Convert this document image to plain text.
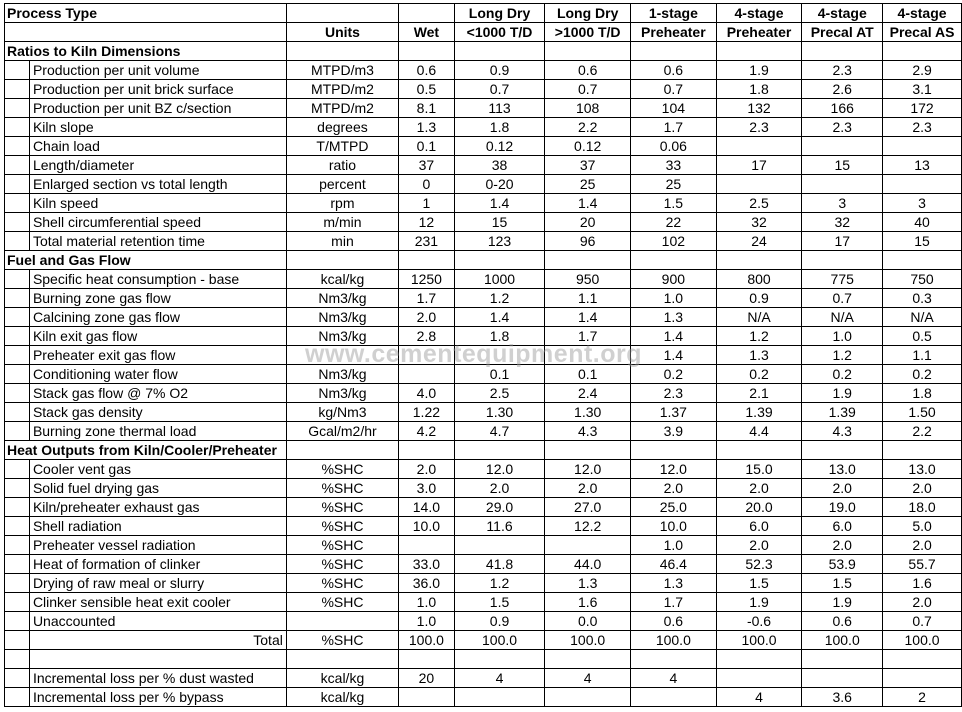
Process Type				Long Dry	Long Dry	1-stage	4-stage	4-stage	4-stage
		Units	Wet	<1000 T/D	>1000 T/D	Preheater	Preheater	Precal AT	Precal AS
Ratios to Kiln Dimensions									
	Production per unit volume	MTPD/m3	0.6	0.9	0.6	0.6	1.9	2.3	2.9
	Production per unit brick surface	MTPD/m2	0.5	0.7	0.7	0.7	1.8	2.6	3.1
	Production per unit BZ c/section	MTPD/m2	8.1	113	108	104	132	166	172
	Kiln slope	degrees	1.3	1.8	2.2	1.7	2.3	2.3	2.3
	Chain load	T/MTPD	0.1	0.12	0.12	0.06			
	Length/diameter	ratio	37	38	37	33	17	15	13
	Enlarged section vs total length	percent	0	0-20	25	25			
	Kiln speed	rpm	1	1.4	1.4	1.5	2.5	3	3
	Shell circumferential speed	m/min	12	15	20	22	32	32	40
	Total material retention time	min	231	123	96	102	24	17	15
Fuel and Gas Flow									
	Specific heat consumption - base	kcal/kg	1250	1000	950	900	800	775	750
	Burning zone gas flow	Nm3/kg	1.7	1.2	1.1	1.0	0.9	0.7	0.3
	Calcining zone gas flow	Nm3/kg	2.0	1.4	1.4	1.3	N/A	N/A	N/A
	Kiln exit gas flow	Nm3/kg	2.8	1.8	1.7	1.4	1.2	1.0	0.5
	Preheater exit gas flow					1.4	1.3	1.2	1.1
	Conditioning water flow	Nm3/kg		0.1	0.1	0.2	0.2	0.2	0.2
	Stack gas flow @ 7% O2	Nm3/kg	4.0	2.5	2.4	2.3	2.1	1.9	1.8
	Stack gas density	kg/Nm3	1.22	1.30	1.30	1.37	1.39	1.39	1.50
	Burning zone thermal load	Gcal/m2/hr	4.2	4.7	4.3	3.9	4.4	4.3	2.2
Heat Outputs from Kiln/Cooler/Preheater									
	Cooler vent gas	%SHC	2.0	12.0	12.0	12.0	15.0	13.0	13.0
	Solid fuel drying gas	%SHC	3.0	2.0	2.0	2.0	2.0	2.0	2.0
	Kiln/preheater exhaust gas	%SHC	14.0	29.0	27.0	25.0	20.0	19.0	18.0
	Shell radiation	%SHC	10.0	11.6	12.2	10.0	6.0	6.0	5.0
	Preheater vessel radiation	%SHC				1.0	2.0	2.0	2.0
	Heat of formation of clinker	%SHC	33.0	41.8	44.0	46.4	52.3	53.9	55.7
	Drying of raw meal or slurry	%SHC	36.0	1.2	1.3	1.3	1.5	1.5	1.6
	Clinker sensible heat exit cooler	%SHC	1.0	1.5	1.6	1.7	1.9	1.9	2.0
	Unaccounted		1.0	0.9	0.0	0.6	-0.6	0.6	0.7
	Total	%SHC	100.0	100.0	100.0	100.0	100.0	100.0	100.0

	Incremental loss per % dust wasted	kcal/kg	20	4	4	4			
	Incremental loss per % bypass	kcal/kg					4	3.6	2
www.cementequipment.org
